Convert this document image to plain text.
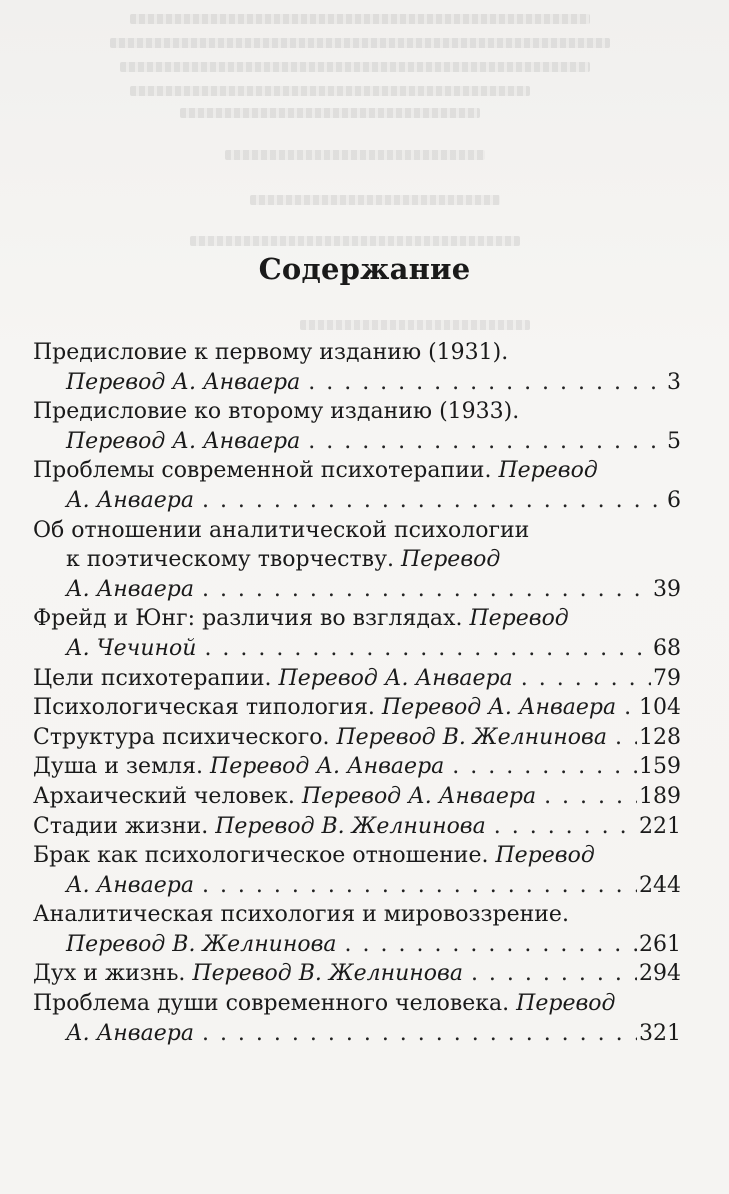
Содержание
Предисловие к первому изданию (1931).
Перевод А. Анваера . . .	3
Предисловие ко второму изданию (1933).
Перевод А. Анваера . . .	5
Проблемы современной психотерапии. Перевод
А. Анваера . . .	6
Об отношении аналитической психологии
к поэтическому творчеству. Перевод
А. Анваера . . .	39
Фрейд и Юнг: различия во взглядах. Перевод
А. Чечиной . . .	68
Цели психотерапии.
Перевод А. Анваера . . .	79
Психологическая типология.
Перевод А. Анваера . . . 104
Структура психического.
Перевод В. Желнинова . . . 128
Душа и земля.
Перевод А. Анваера . . .	159
Архаический человек.
Перевод А. Анваера . . .	189
Стадии жизни.
Перевод В. Желнинова . . .	221
Брак как психологическое отношение. Перевод
А. Анваера . . .	244
Аналитическая психология и мировоззрение.
Перевод В. Желнинова . . .	261
Дух и жизнь.
Перевод В. Желнинова . . .	294
Проблема души современного человека. Перевод
А. Анваера . . .	321
